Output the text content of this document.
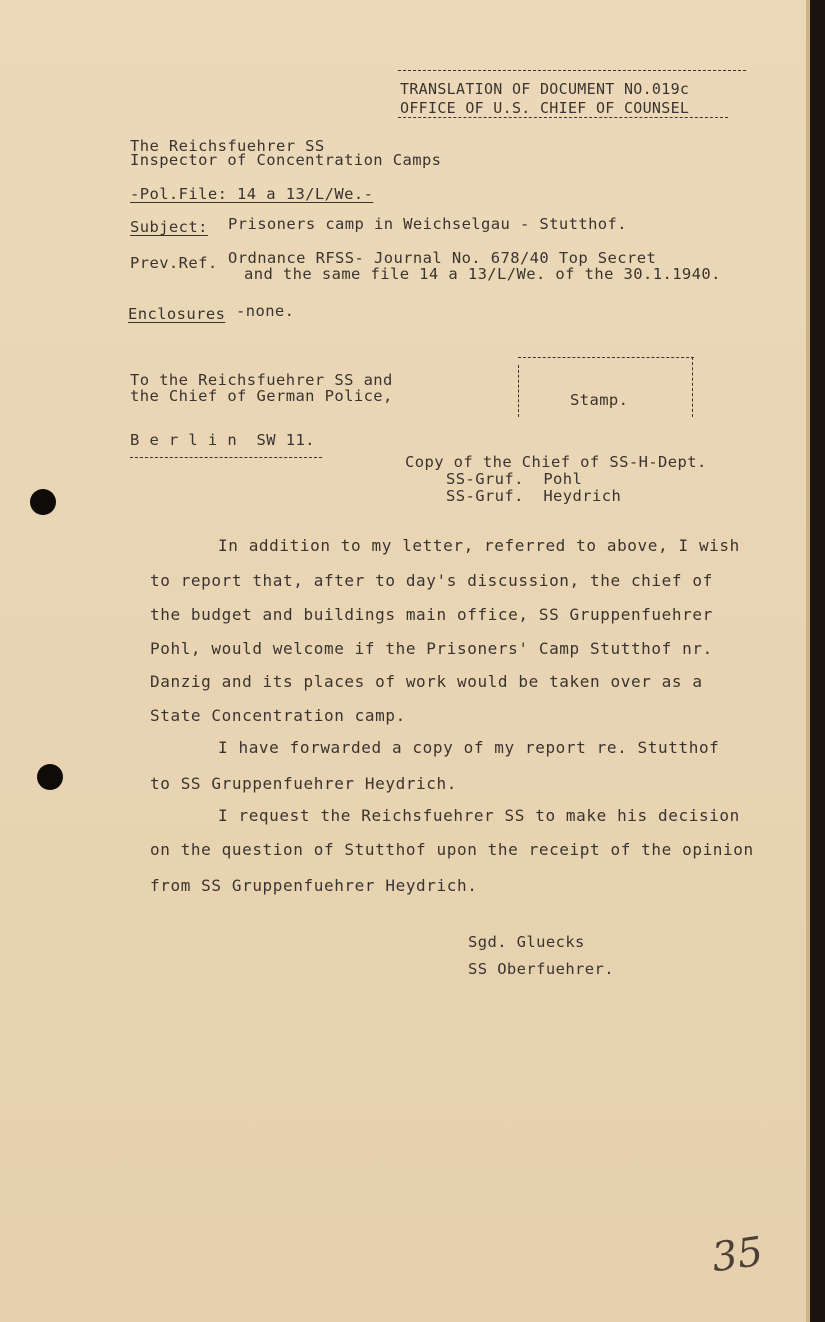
TRANSLATION OF DOCUMENT NO.019c
OFFICE OF U.S. CHIEF OF COUNSEL
The Reichsfuehrer SS
Inspector of Concentration Camps
-Pol.File: 14 a 13/L/We.-
Subject: Prisoners camp in Weichselgau - Stutthof.
Prev.Ref. Ordnance RFSS- Journal No. 678/40 Top Secret
and the same file 14 a 13/L/We. of the 30.1.1940.
Enclosures -none.
To the Reichsfuehrer SS and
the Chief of German Police,
B e r l i n  SW 11.
Stamp.
Copy of the Chief of SS-H-Dept.
SS-Gruf.  Pohl
SS-Gruf.  Heydrich
In addition to my letter, referred to above, I wish
to report that, after to day's discussion, the chief of
the budget and buildings main office, SS Gruppenfuehrer
Pohl, would welcome if the Prisoners' Camp Stutthof nr.
Danzig and its places of work would be taken over as a
State Concentration camp.
I have forwarded a copy of my report re. Stutthof
to SS Gruppenfuehrer Heydrich.
I request the Reichsfuehrer SS to make his decision
on the question of Stutthof upon the receipt of the opinion
from SS Gruppenfuehrer Heydrich.
Sgd. Gluecks
SS Oberfuehrer.
35
